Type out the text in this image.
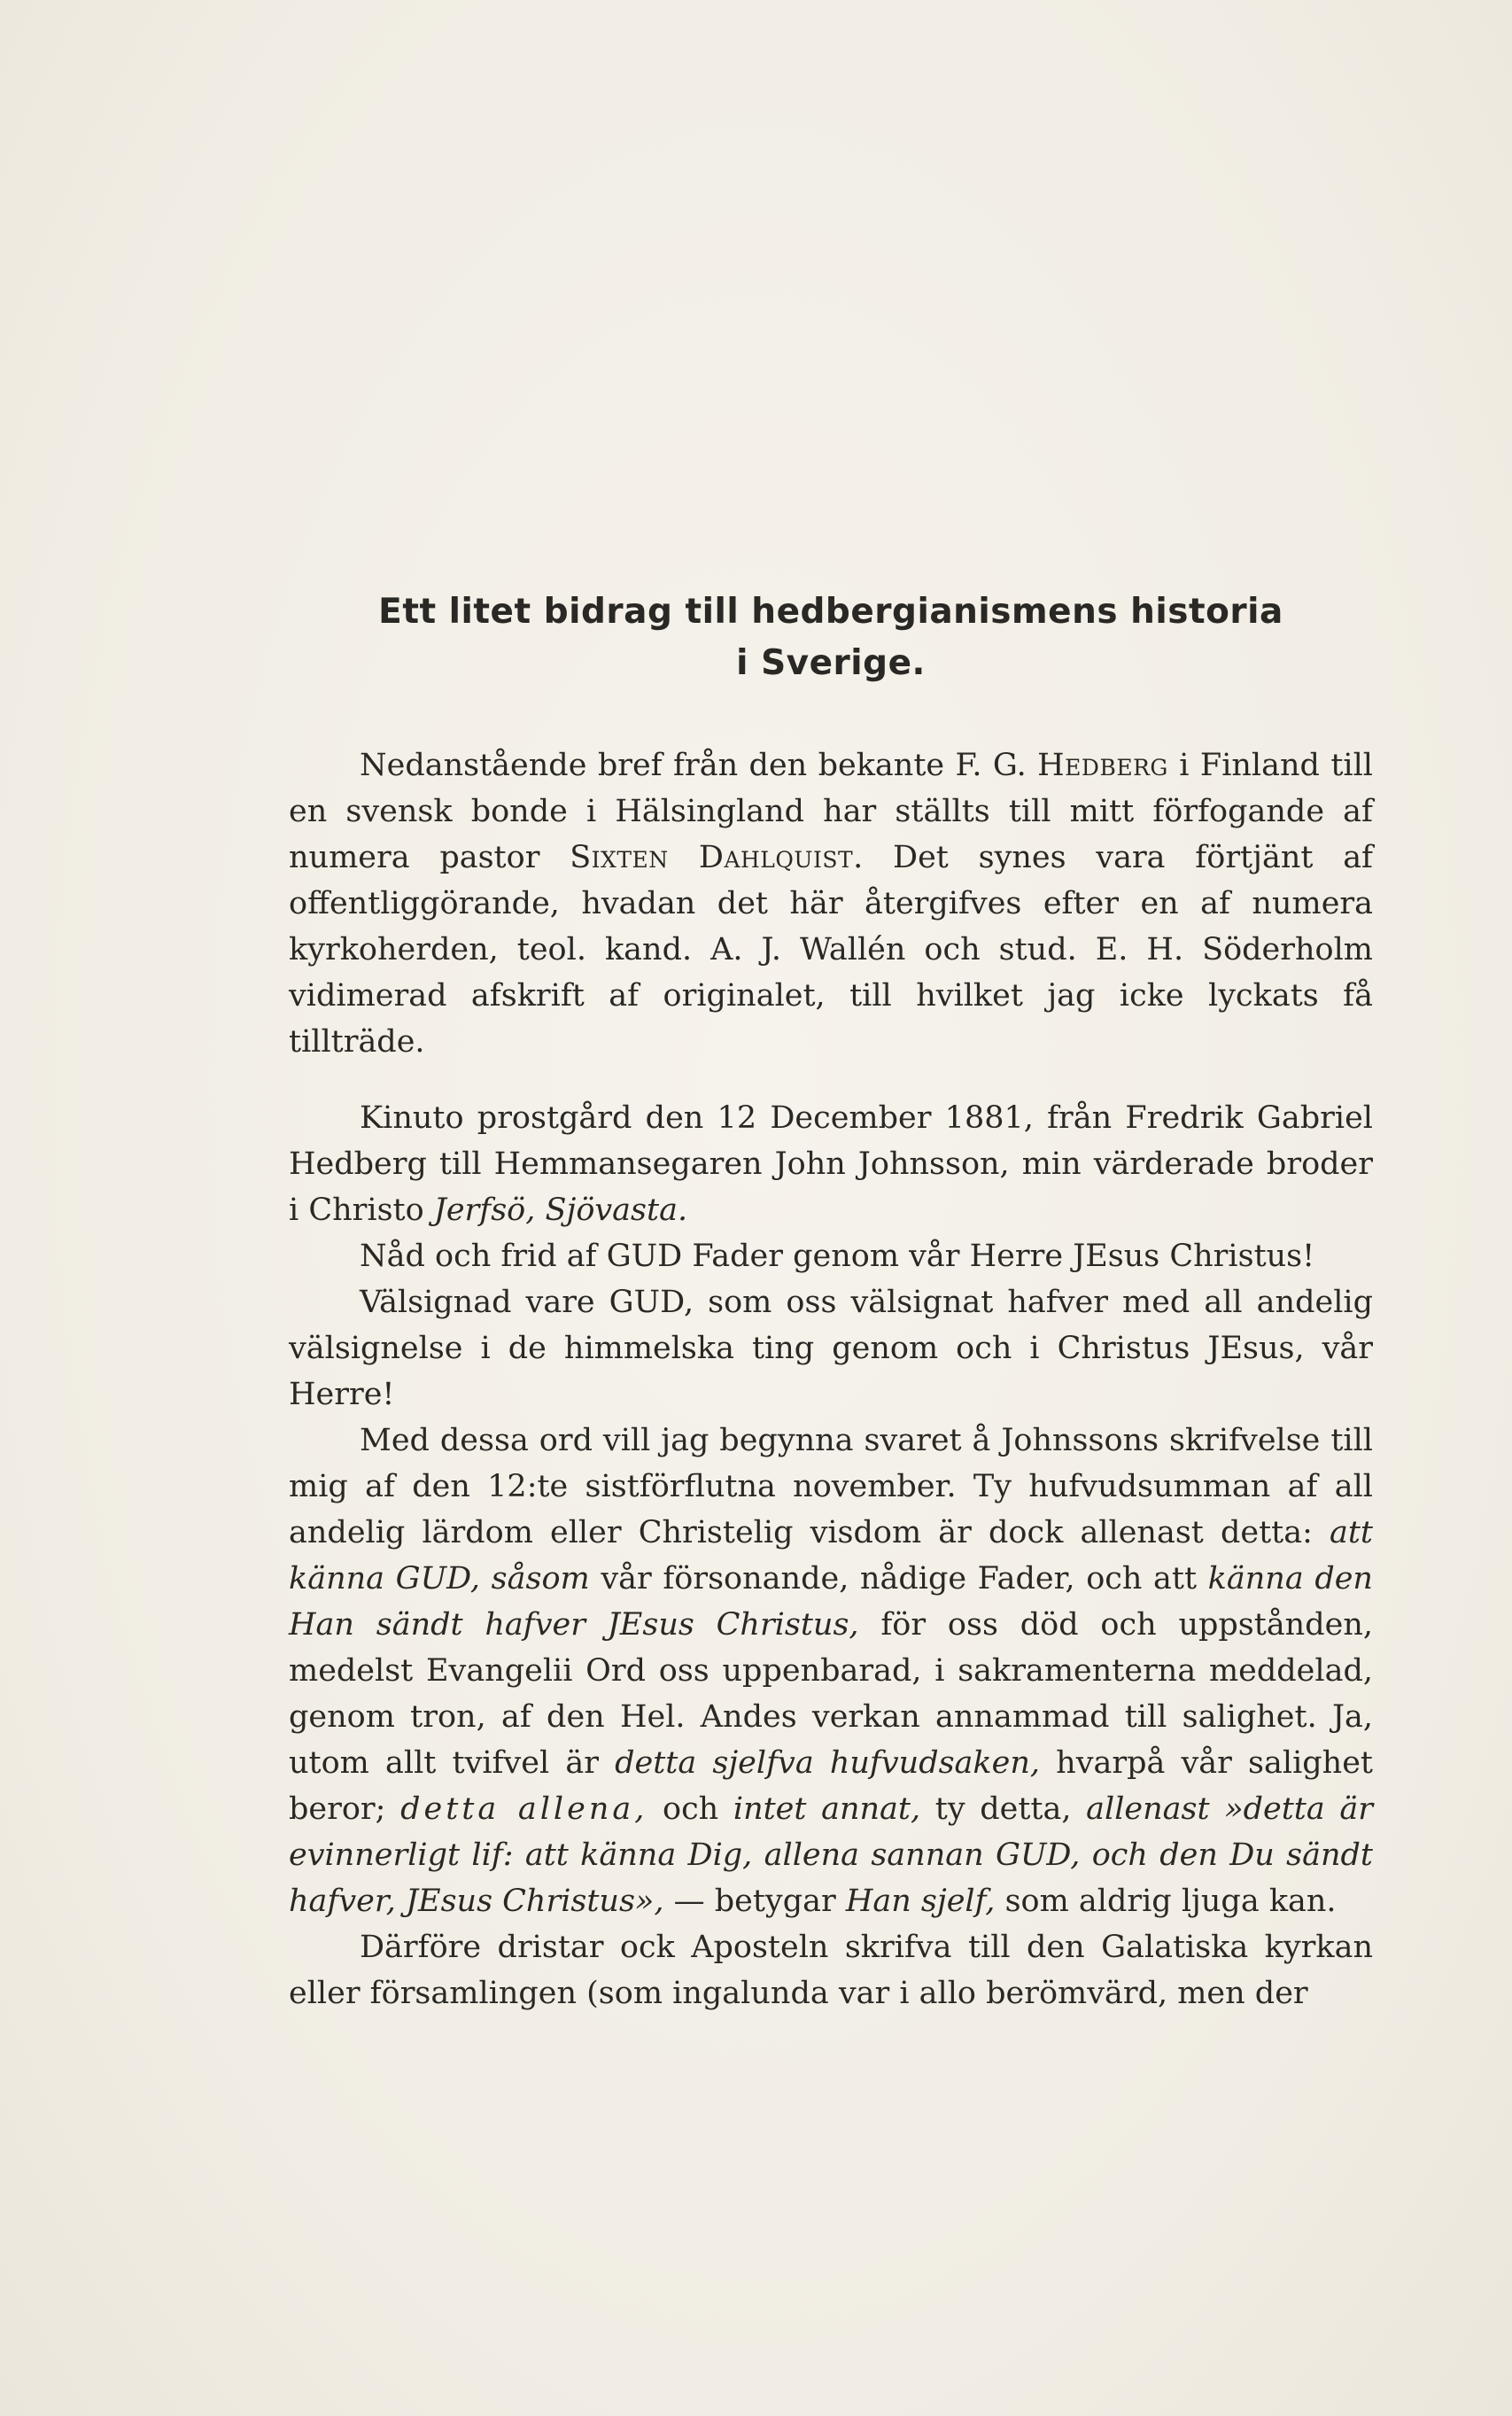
Ett litet bidrag till hedbergianismens historia
i Sverige.

Nedanstående bref från den bekante F. G. Hedberg i Finland till en svensk bonde i Hälsingland har ställts till mitt förfogande af numera pastor Sixten Dahlquist. Det synes vara förtjänt af offentliggörande, hvadan det här återgifves efter en af numera kyrkoherden, teol. kand. A. J. Wallén och stud. E. H. Söderholm vidimerad afskrift af originalet, till hvilket jag icke lyckats få tillträde.

Kinuto prostgård den 12 December 1881, från Fredrik Gabriel Hedberg till Hemmansegaren John Johnsson, min värderade broder i Christo Jerfsö, Sjövasta.

Nåd och frid af GUD Fader genom vår Herre JEsus Christus!

Välsignad vare GUD, som oss välsignat hafver med all andelig välsignelse i de himmelska ting genom och i Christus JEsus, vår Herre!

Med dessa ord vill jag begynna svaret å Johnssons skrifvelse till mig af den 12:te sistförflutna november. Ty hufvudsumman af all andelig lärdom eller Christelig visdom är dock allenast detta: att känna GUD, såsom vår försonande, nådige Fader, och att känna den Han sändt hafver JEsus Christus, för oss död och uppstånden, medelst Evangelii Ord oss uppenbarad, i sakramenterna meddelad, genom tron, af den Hel. Andes verkan annammad till salighet. Ja, utom allt tvifvel är detta sjelfva hufvudsaken, hvarpå vår salighet beror; detta allena, och intet annat, ty detta, allenast »detta är evinnerligt lif: att känna Dig, allena sannan GUD, och den Du sändt hafver, JEsus Christus», — betygar Han sjelf, som aldrig ljuga kan.

Därföre dristar ock Aposteln skrifva till den Galatiska kyrkan eller församlingen (som ingalunda var i allo berömvärd, men der
